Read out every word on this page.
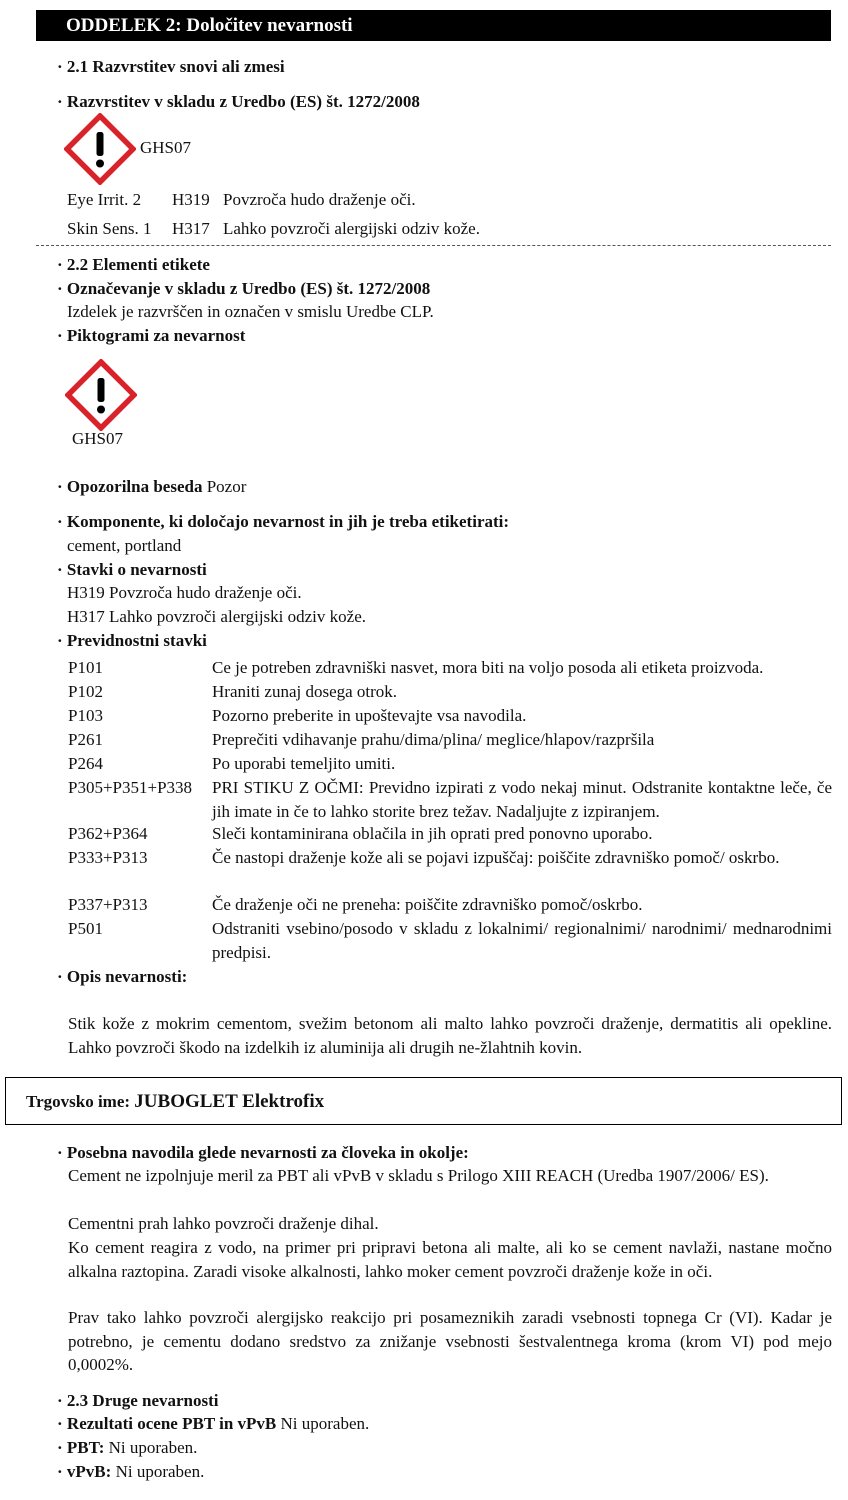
ODDELEK 2: Določitev nevarnosti
· 2.1 Razvrstitev snovi ali zmesi
· Razvrstitev v skladu z Uredbo (ES) št. 1272/2008
GHS07
Eye Irrit. 2 H319 Povzroča hudo draženje oči.
Skin Sens. 1 H317 Lahko povzroči alergijski odziv kože.
· 2.2 Elementi etikete
· Označevanje v skladu z Uredbo (ES) št. 1272/2008
Izdelek je razvrščen in označen v smislu Uredbe CLP.
· Piktogrami za nevarnost
GHS07
· Opozorilna beseda Pozor
· Komponente, ki določajo nevarnost in jih je treba etiketirati:
cement, portland
· Stavki o nevarnosti
H319 Povzroča hudo draženje oči.
H317 Lahko povzroči alergijski odziv kože.
· Previdnostni stavki
P101	Ce je potreben zdravniški nasvet, mora biti na voljo posoda ali etiketa proizvoda.
P102	Hraniti zunaj dosega otrok.
P103	Pozorno preberite in upoštevajte vsa navodila.
P261	Preprečiti vdihavanje prahu/dima/plina/ meglice/hlapov/razpršila
P264	Po uporabi temeljito umiti.
P305+P351+P338 PRI STIKU Z OČMI: Previdno izpirati z vodo nekaj minut. Odstranite kontaktne leče, če jih imate in če to lahko storite brez težav. Nadaljujte z izpiranjem.
P362+P364	Sleči kontaminirana oblačila in jih oprati pred ponovno uporabo.
P333+P313	Če nastopi draženje kože ali se pojavi izpuščaj: poiščite zdravniško pomoč/ oskrbo.
P337+P313	Če draženje oči ne preneha: poiščite zdravniško pomoč/oskrbo.
P501	Odstraniti vsebino/posodo v skladu z lokalnimi/ regionalnimi/ narodnimi/ mednarodnimi predpisi.
· Opis nevarnosti:
Stik kože z mokrim cementom, svežim betonom ali malto lahko povzroči draženje, dermatitis ali opekline. Lahko povzroči škodo na izdelkih iz aluminija ali drugih ne-žlahtnih kovin.
Trgovsko ime: JUBOGLET Elektrofix
· Posebna navodila glede nevarnosti za človeka in okolje:
Cement ne izpolnjuje meril za PBT ali vPvB v skladu s Prilogo XIII REACH (Uredba 1907/2006/ ES).
Cementni prah lahko povzroči draženje dihal.
Ko cement reagira z vodo, na primer pri pripravi betona ali malte, ali ko se cement navlaži, nastane močno alkalna raztopina. Zaradi visoke alkalnosti, lahko moker cement povzroči draženje kože in oči.
Prav tako lahko povzroči alergijsko reakcijo pri posameznikih zaradi vsebnosti topnega Cr (VI). Kadar je potrebno, je cementu dodano sredstvo za znižanje vsebnosti šestvalentnega kroma (krom VI) pod mejo 0,0002%.
· 2.3 Druge nevarnosti
· Rezultati ocene PBT in vPvB Ni uporaben.
· PBT: Ni uporaben.
· vPvB: Ni uporaben.
